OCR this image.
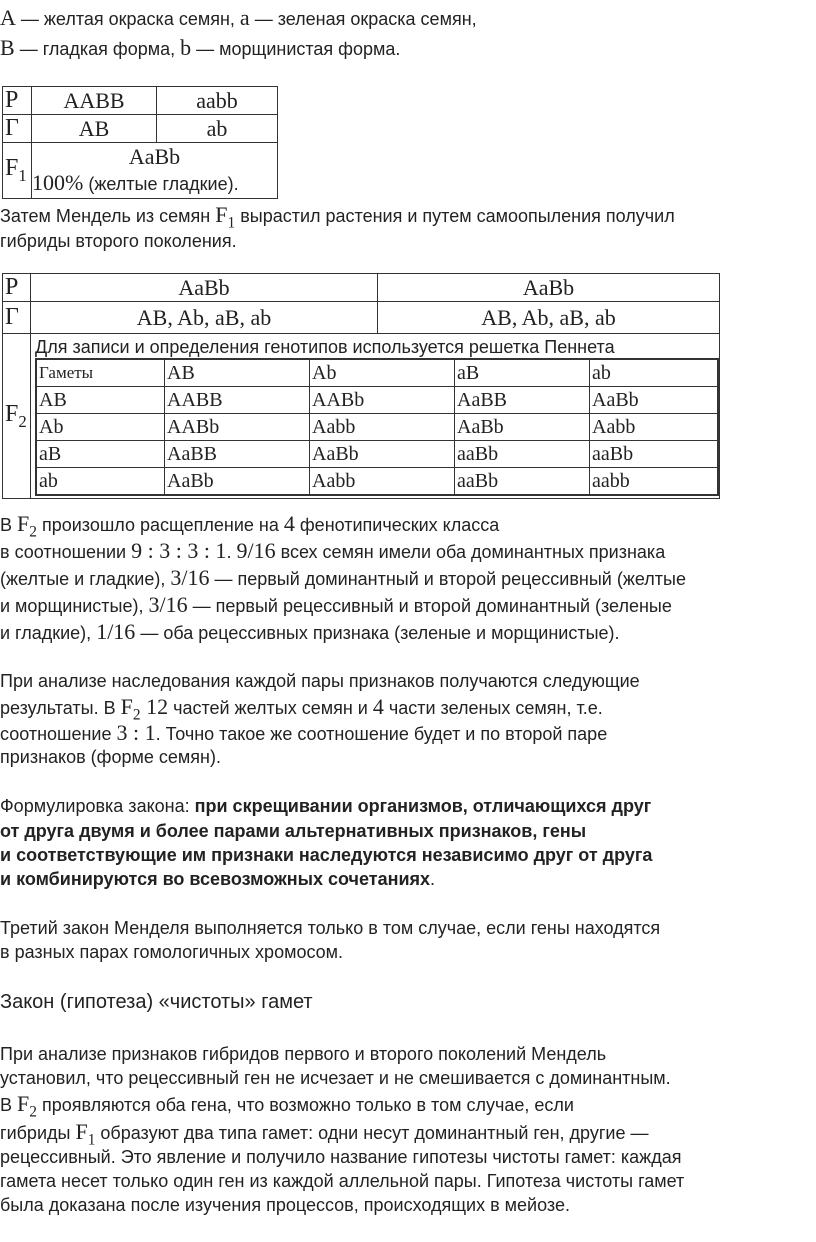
A — желтая окраска семян, a — зеленая окраска семян,
B — гладкая форма, b — морщинистая форма.
P	AABB	aabb
Г	AB	ab
$F_1$	AaBb
100% (желтые гладкие).	
Затем Мендель из семян $F_1$ вырастил растения и путем самоопыления получил
гибриды второго поколения.
P	AaBb	AaBb
Г	AB, Ab, aB, ab	AB, Ab, aB, ab
$F_2$	
Для записи и определения генотипов используется решетка Пеннета
Гаметы	AB	Ab	aB	ab
AB	AABB	AABb	AaBB	AaBb
Ab	AABb	Aabb	AaBb	Aabb
aB	AaBB	AaBb	aaBb	aaBb
ab	AaBb	Aabb	aaBb	aabb
В $F_2$ произошло расщепление на 4 фенотипических класса
в соотношении 9 : 3 : 3 : 1. 9/16 всех семян имели оба доминантных признака
(желтые и гладкие), 3/16 — первый доминантный и второй рецессивный (желтые
и морщинистые), 3/16 — первый рецессивный и второй доминантный (зеленые
и гладкие), 1/16 — оба рецессивных признака (зеленые и морщинистые).
При анализе наследования каждой пары признаков получаются следующие
результаты. В $F_2$ 12 частей желтых семян и 4 части зеленых семян, т.е.
соотношение 3 : 1. Точно такое же соотношение будет и по второй паре
признаков (форме семян).
Формулировка закона: при скрещивании организмов, отличающихся друг
от друга двумя и более парами альтернативных признаков, гены
и соответствующие им признаки наследуются независимо друг от друга
и комбинируются во всевозможных сочетаниях.
Третий закон Менделя выполняется только в том случае, если гены находятся
в разных парах гомологичных хромосом.
Закон (гипотеза) «чистоты» гамет
При анализе признаков гибридов первого и второго поколений Мендель
установил, что рецессивный ген не исчезает и не смешивается с доминантным.
В $F_2$ проявляются оба гена, что возможно только в том случае, если
гибриды $F_1$ образуют два типа гамет: одни несут доминантный ген, другие —
рецессивный. Это явление и получило название гипотезы чистоты гамет: каждая
гамета несет только один ген из каждой аллельной пары. Гипотеза чистоты гамет
была доказана после изучения процессов, происходящих в мейозе.
